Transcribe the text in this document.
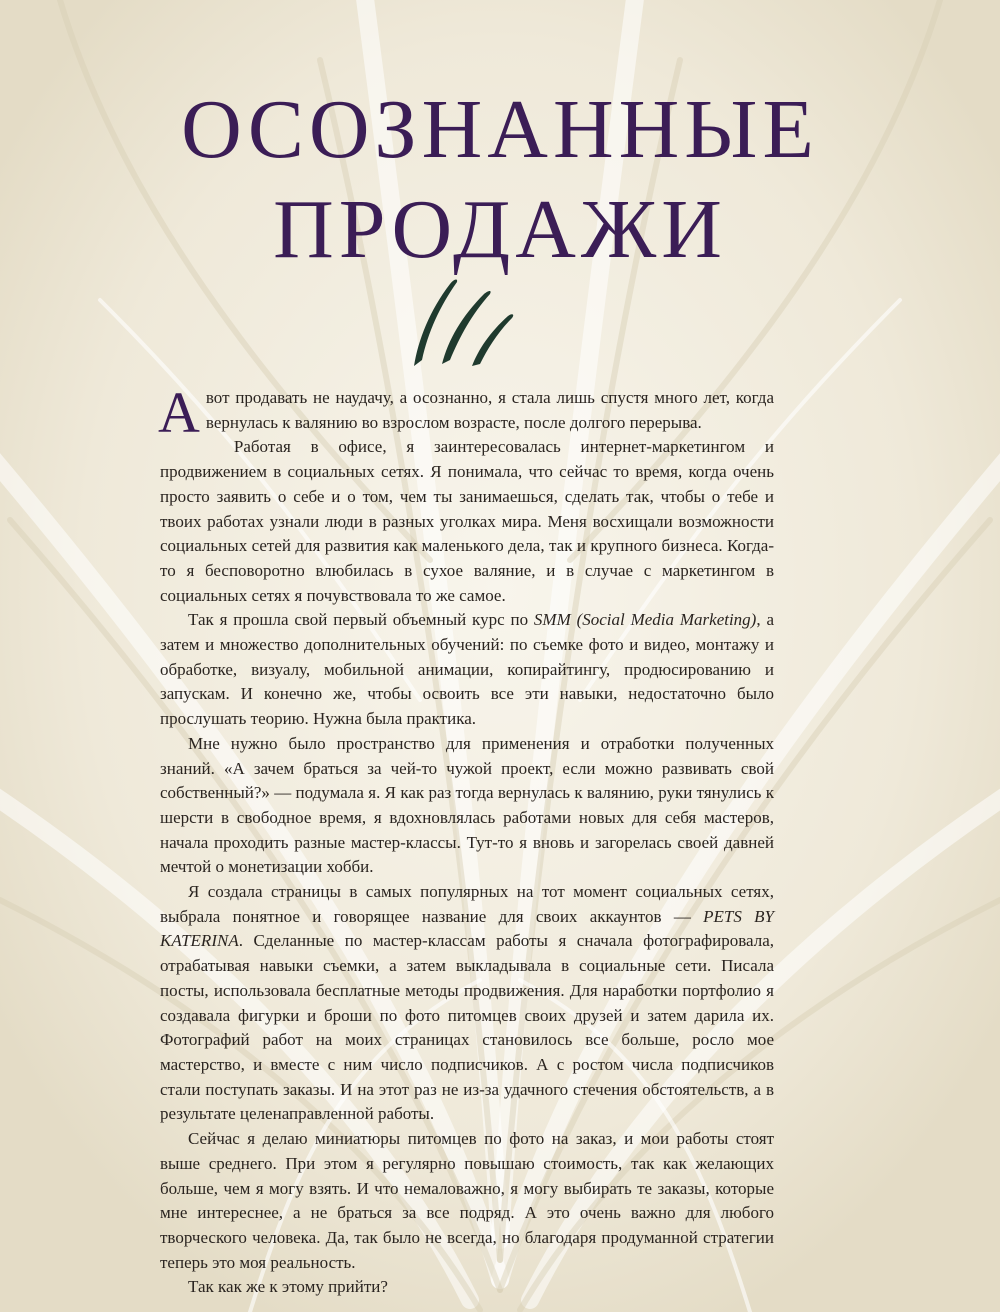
ОСОЗНАННЫЕ
ПРОДАЖИ

Авот продавать не наудачу, а осознанно, я стала лишь спустя много лет, когда вернулась к валянию во взрослом возрасте, после долгого перерыва.

Работая в офисе, я заинтересовалась интернет-маркетингом и продвижением в социальных сетях. Я понимала, что сейчас то время, когда очень просто заявить о себе и о том, чем ты занимаешься, сделать так, чтобы о тебе и твоих работах узнали люди в разных уголках мира. Меня восхищали возможности социальных сетей для развития как маленького дела, так и крупного бизнеса. Когда-то я бесповоротно влюбилась в сухое валяние, и в случае с маркетингом в социальных сетях я почувствовала то же самое.

Так я прошла свой первый объемный курс по SMM (Social Media Marketing), а затем и множество дополнительных обучений: по съемке фото и видео, монтажу и обработке, визуалу, мобильной анимации, копирайтингу, продюсированию и запускам. И конечно же, чтобы освоить все эти навыки, недостаточно было прослушать теорию. Нужна была практика.

Мне нужно было пространство для применения и отработки полученных знаний. «А зачем браться за чей-то чужой проект, если можно развивать свой собственный?» — подумала я. Я как раз тогда вернулась к валянию, руки тянулись к шерсти в свободное время, я вдохновлялась работами новых для себя мастеров, начала проходить разные мастер-классы. Тут-то я вновь и загорелась своей давней мечтой о монетизации хобби.

Я создала страницы в самых популярных на тот момент социальных сетях, выбрала понятное и говорящее название для своих аккаунтов — PETS BY KATERINA. Сделанные по мастер-классам работы я сначала фотографировала, отрабатывая навыки съемки, а затем выкладывала в социальные сети. Писала посты, использовала бесплатные методы продвижения. Для наработки портфолио я создавала фигурки и броши по фото питомцев своих друзей и затем дарила их. Фотографий работ на моих страницах становилось все больше, росло мое мастерство, и вместе с ним число подписчиков. А с ростом числа подписчиков стали поступать заказы. И на этот раз не из-за удачного стечения обстоятельств, а в результате целенаправленной работы.

Сейчас я делаю миниатюры питомцев по фото на заказ, и мои работы стоят выше среднего. При этом я регулярно повышаю стоимость, так как желающих больше, чем я могу взять. И что немаловажно, я могу выбирать те заказы, которые мне интереснее, а не браться за все подряд. А это очень важно для любого творческого человека. Да, так было не всегда, но благодаря продуманной стратегии теперь это моя реальность.

Так как же к этому прийти?
